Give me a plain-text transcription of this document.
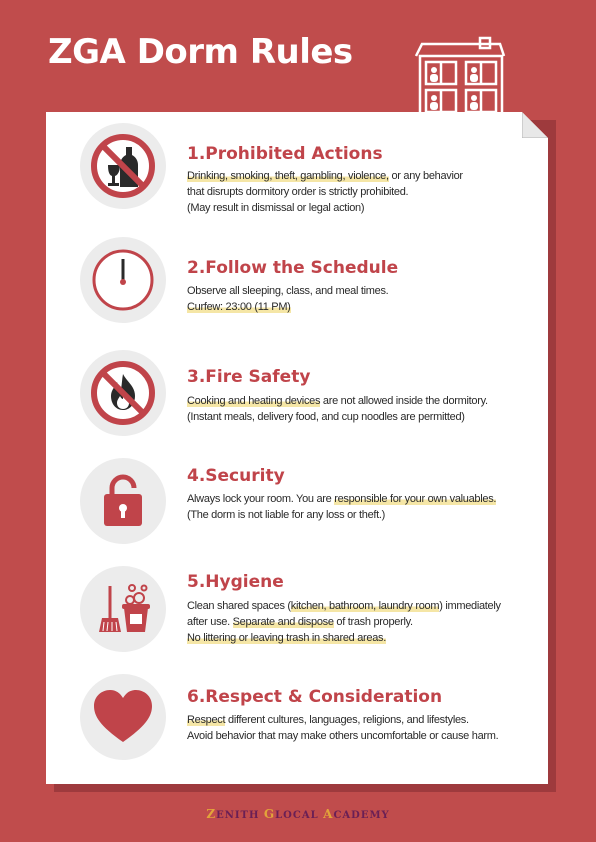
ZGA Dorm Rules
1.Prohibited Actions
Drinking, smoking, theft, gambling, violence, or any behavior
that disrupts dormitory order is strictly prohibited.
(May result in dismissal or legal action)
2.Follow the Schedule
Observe all sleeping, class, and meal times.
Curfew: 23:00 (11 PM)
3.Fire Safety
Cooking and heating devices are not allowed inside the dormitory.
(Instant meals, delivery food, and cup noodles are permitted)
4.Security
Always lock your room. You are responsible for your own valuables.
(The dorm is not liable for any loss or theft.)
5.Hygiene
Clean shared spaces (kitchen, bathroom, laundry room) immediately
after use. Separate and dispose of trash properly.
No littering or leaving trash in shared areas.
6.Respect & Consideration
Respect different cultures, languages, religions, and lifestyles.
Avoid behavior that may make others uncomfortable or cause harm.
ZENITH GLOCAL ACADEMY
